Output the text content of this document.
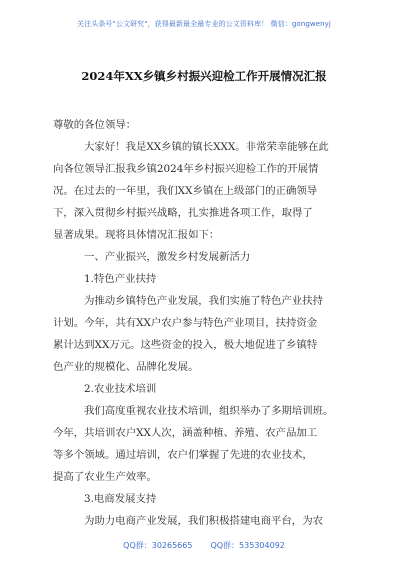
关注头条号"公文研究"，获得最新最全最专业的公文资料库！ 微信：gongwenyj
2024年XX乡镇乡村振兴迎检工作开展情况汇报
尊敬的各位领导：
大家好！我是XX乡镇的镇长XXX。非常荣幸能够在此
向各位领导汇报我乡镇2024年乡村振兴迎检工作的开展情
况。在过去的一年里，我们XX乡镇在上级部门的正确领导
下，深入贯彻乡村振兴战略，扎实推进各项工作，取得了
显著成果。现将具体情况汇报如下：
一、产业振兴，激发乡村发展新活力
1.特色产业扶持
为推动乡镇特色产业发展，我们实施了特色产业扶持
计划。今年，共有XX户农户参与特色产业项目，扶持资金
累计达到XX万元。这些资金的投入，极大地促进了乡镇特
色产业的规模化、品牌化发展。
2.农业技术培训
我们高度重视农业技术培训，组织举办了多期培训班。
今年，共培训农户XX人次，涵盖种植、养殖、农产品加工
等多个领域。通过培训，农户们掌握了先进的农业技术，
提高了农业生产效率。
3.电商发展支持
为助力电商产业发展，我们积极搭建电商平台，为农
QQ群：30265665 QQ群：535304092
